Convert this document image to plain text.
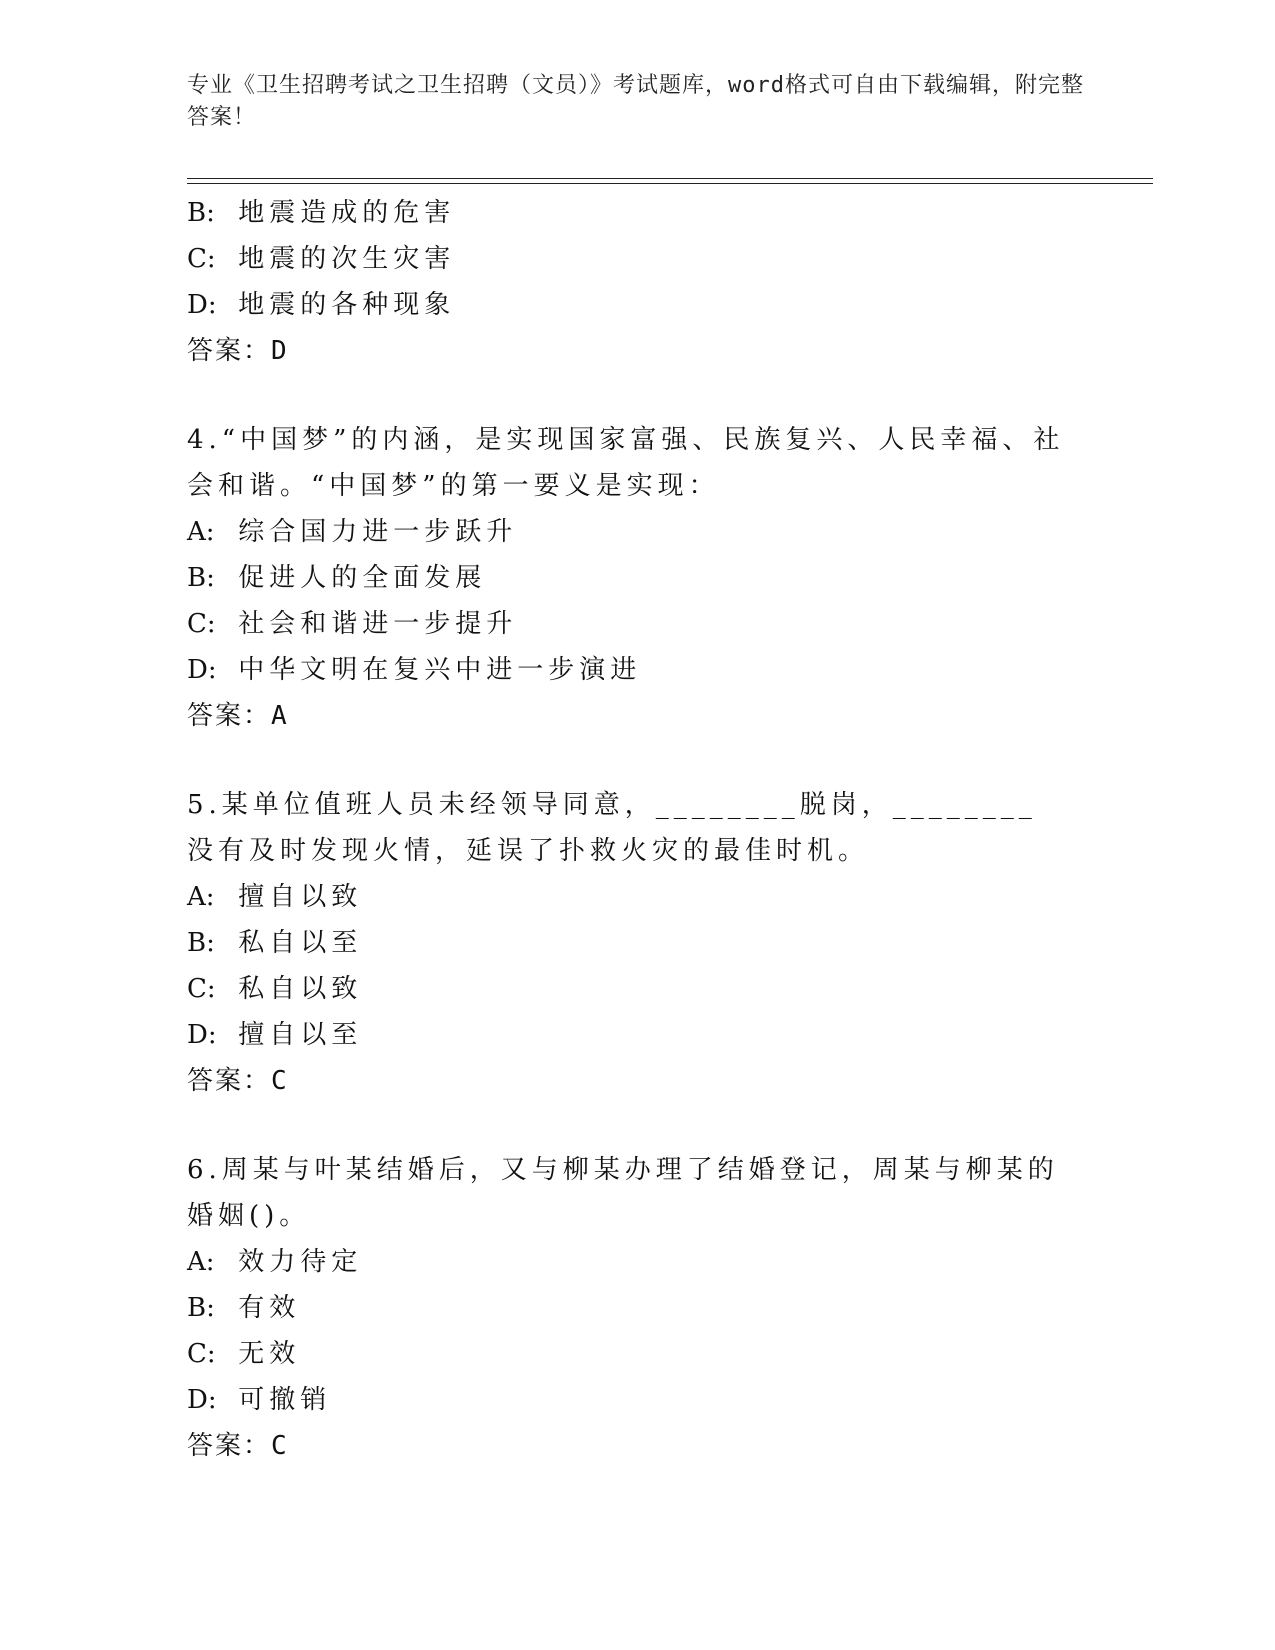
专业《卫生招聘考试之卫生招聘（文员）》考试题库，word格式可自由下载编辑，附完整答案！
B: 地震造成的危害
C: 地震的次生灾害
D: 地震的各种现象
答案：D
4.“中国梦”的内涵，是实现国家富强、民族复兴、人民幸福、社会和谐。“中国梦”的第一要义是实现：
A: 综合国力进一步跃升
B: 促进人的全面发展
C: 社会和谐进一步提升
D: 中华文明在复兴中进一步演进
答案：A
5.某单位值班人员未经领导同意，________脱岗，________没有及时发现火情，延误了扑救火灾的最佳时机。
A: 擅自以致
B: 私自以至
C: 私自以致
D: 擅自以至
答案：C
6.周某与叶某结婚后，又与柳某办理了结婚登记，周某与柳某的婚姻()。
A: 效力待定
B: 有效
C: 无效
D: 可撤销
答案：C
